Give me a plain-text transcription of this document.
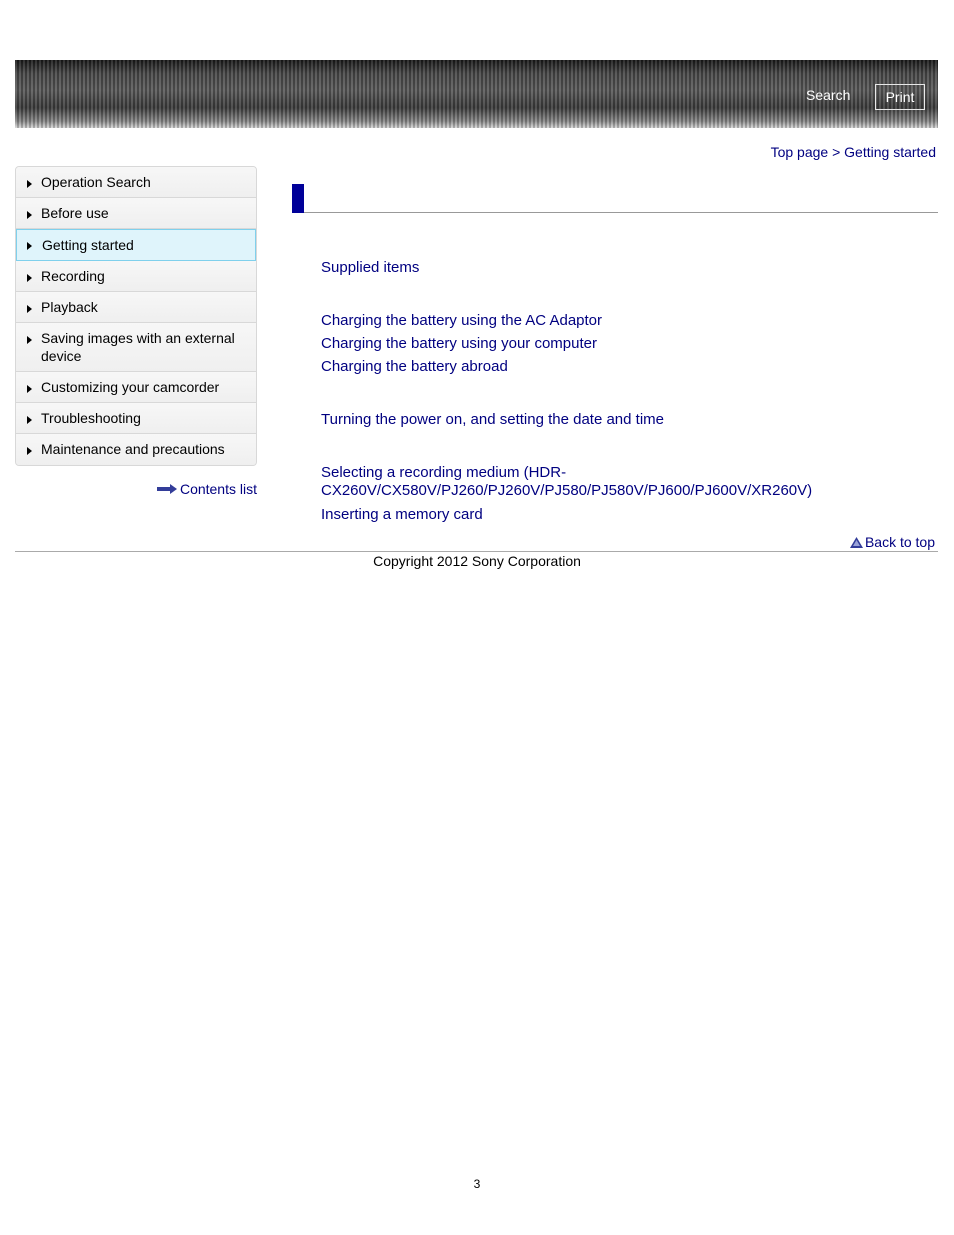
Search	Print
Top page > Getting started
Operation Search
Before use
Getting started
Recording
Playback
Saving images with an external device
Customizing your camcorder
Troubleshooting
Maintenance and precautions
Contents list
Supplied items
Charging the battery using the AC Adaptor
Charging the battery using your computer
Charging the battery abroad
Turning the power on, and setting the date and time
Selecting a recording medium (HDR-CX260V/CX580V/PJ260/PJ260V/PJ580/PJ580V/PJ600/PJ600V/XR260V)
Inserting a memory card
Back to top
Copyright 2012 Sony Corporation
3
